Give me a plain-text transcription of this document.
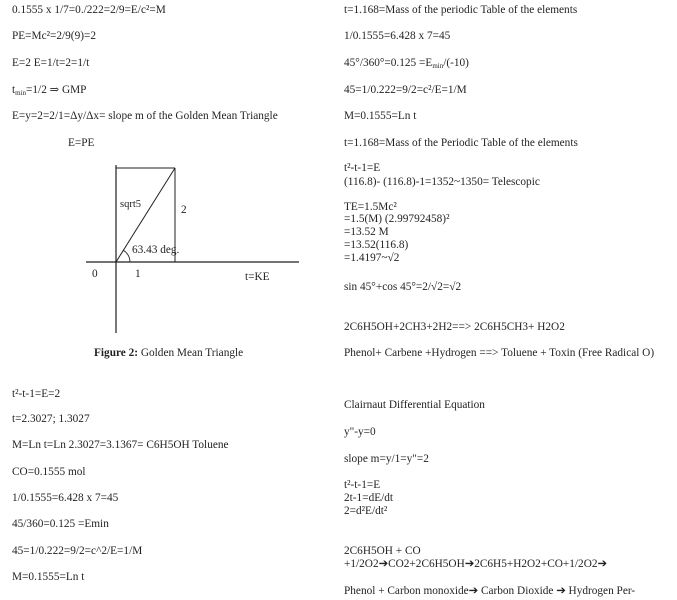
0.1555 x 1/7=0./222=2/9=E/c²=M
PE=Mc²=2/9(9)=2
E=2 E=1/t=2=1/t
$t_{min}=1/2$ ⇒ GMP
E=y=2=2/1=Δy/Δx= slope m of the Golden Mean Triangle
E=PE
t=KE
0	1
2
sqrt5
63.43 deg.
Figure 2: Golden Mean Triangle
t²-t-1=E=2
t=2.3027; 1.3027
M=Ln t=Ln 2.3027=3.1367= C6H5OH Toluene
CO=0.1555 mol
1/0.1555=6.428 x 7=45
45/360=0.125 =Emin
45=1/0.222=9/2=c^2/E=1/M
M=0.1555=Ln t
t=1.168=Mass of the periodic Table of the elements
1/0.1555=6.428 x 7=45
$45^\circ/360^\circ=0.125 =E_{min}/(-10)$
45=1/0.222=9/2=c²/E=1/M
M=0.1555=Ln t
t=1.168=Mass of the Periodic Table of the elements
t²-t-1=E
(116.8)- (116.8)-1=1352~1350= Telescopic
TE=1.5Mc²
=1.5(M) (2.99792458)²
=13.52 M
=13.52(116.8)
=1.4197~√2
sin 45°+cos 45°=2/√2=√2
2C6H5OH+2CH3+2H2==> 2C6H5CH3+ H2O2
Phenol+ Carbene +Hydrogen ==> Toluene + Toxin (Free Radical O)
Clairnaut Differential Equation
y"-y=0
slope m=y/1=y"=2
t²-t-1=E
2t-1=dE/dt
2=d²E/dt²
2C6H5OH + CO +1/2O2➔CO2+2C6H5OH➔2C6H5+H2O2+CO+1/2O2➔
Phenol + Carbon monoxide➔ Carbon Dioxide ➔ Hydrogen Per-
